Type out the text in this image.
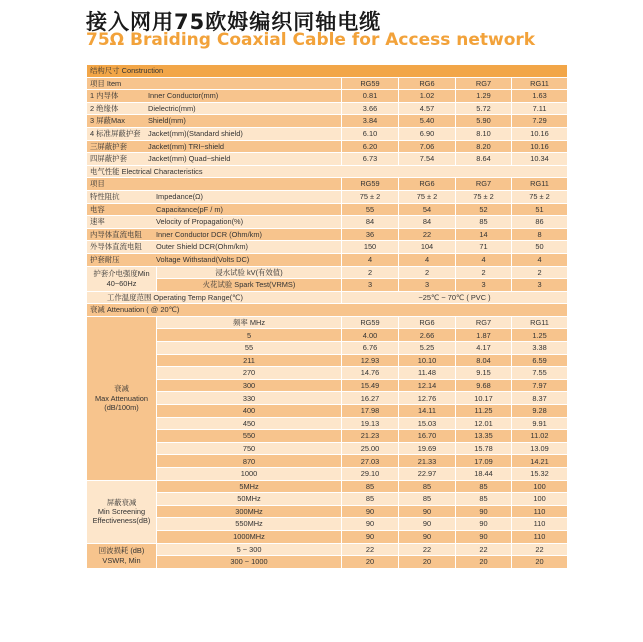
接入网用75欧姆编织同轴电缆
75Ω Braiding Coaxial Cable for Access network
结构尺寸 Construction					
项目 Item		RG59	RG6	RG7	RG11
1 内导体 Inner Conductor(mm)		0.81	1.02	1.29	1.63
2 绝缘体 Dielectric(mm)		3.66	4.57	5.72	7.11
3 屏蔽Max Shield(mm)		3.84	5.40	5.90	7.29
4 标准屏蔽护套 Jacket(mm)(Standard shield)		6.10	6.90	8.10	10.16
三屏蔽护套 Jacket(mm) TRI~shield		6.20	7.06	8.20	10.16
四屏蔽护套 Jacket(mm) Quad~shield		6.73	7.54	8.64	10.34
电气性能 Electrical Characteristics					
项目		RG59	RG6	RG7	RG11
特性阻抗 Impedance(Ω)		75 ± 2	75 ± 2	75 ± 2	75 ± 2
电容 Capacitance(pF / m)		55	54	52	51
速率 Velocity of Propagation(%)		84	84	85	86
内导体直流电阻 Inner Conductor DCR (Ohm/km)		36	22	14	8
外导体直流电阻 Outer Shield DCR(Ohm/km)		150	104	71	50
护套耐压 Voltage Withstand(Volts DC)		4	4	4	4
护套介电强度Min
40~60Hz	浸水试验 kV(有效值)	2	2	2	2
	火花试验 Spark Test(VRMS)	3	3	3	3
工作温度范围 Operating Temp Range(℃)		~25℃ ~ 70℃ ( PVC )			
衰减 Attenuation ( @ 20℃)					
衰减
Max Attenuation
(dB/100m)	频率 MHz	RG59	RG6	RG7	RG11
	5	4.00	2.66	1.87	1.25
	55	6.76	5.25	4.17	3.38
	211	12.93	10.10	8.04	6.59
	270	14.76	11.48	9.15	7.55
	300	15.49	12.14	9.68	7.97
	330	16.27	12.76	10.17	8.37
	400	17.98	14.11	11.25	9.28
	450	19.13	15.03	12.01	9.91
	550	21.23	16.70	13.35	11.02
	750	25.00	19.69	15.78	13.09
	870	27.03	21.33	17.09	14.21
	1000	29.10	22.97	18.44	15.32
屏蔽衰减
Min Screening
Effectiveness(dB)	5MHz	85	85	85	100
	50MHz	85	85	85	100
	300MHz	90	90	90	110
	550MHz	90	90	90	110
	1000MHz	90	90	90	110
回波损耗 (dB)
VSWR, Min	5 ~ 300	22	22	22	22
	300 ~ 1000	20	20	20	20
